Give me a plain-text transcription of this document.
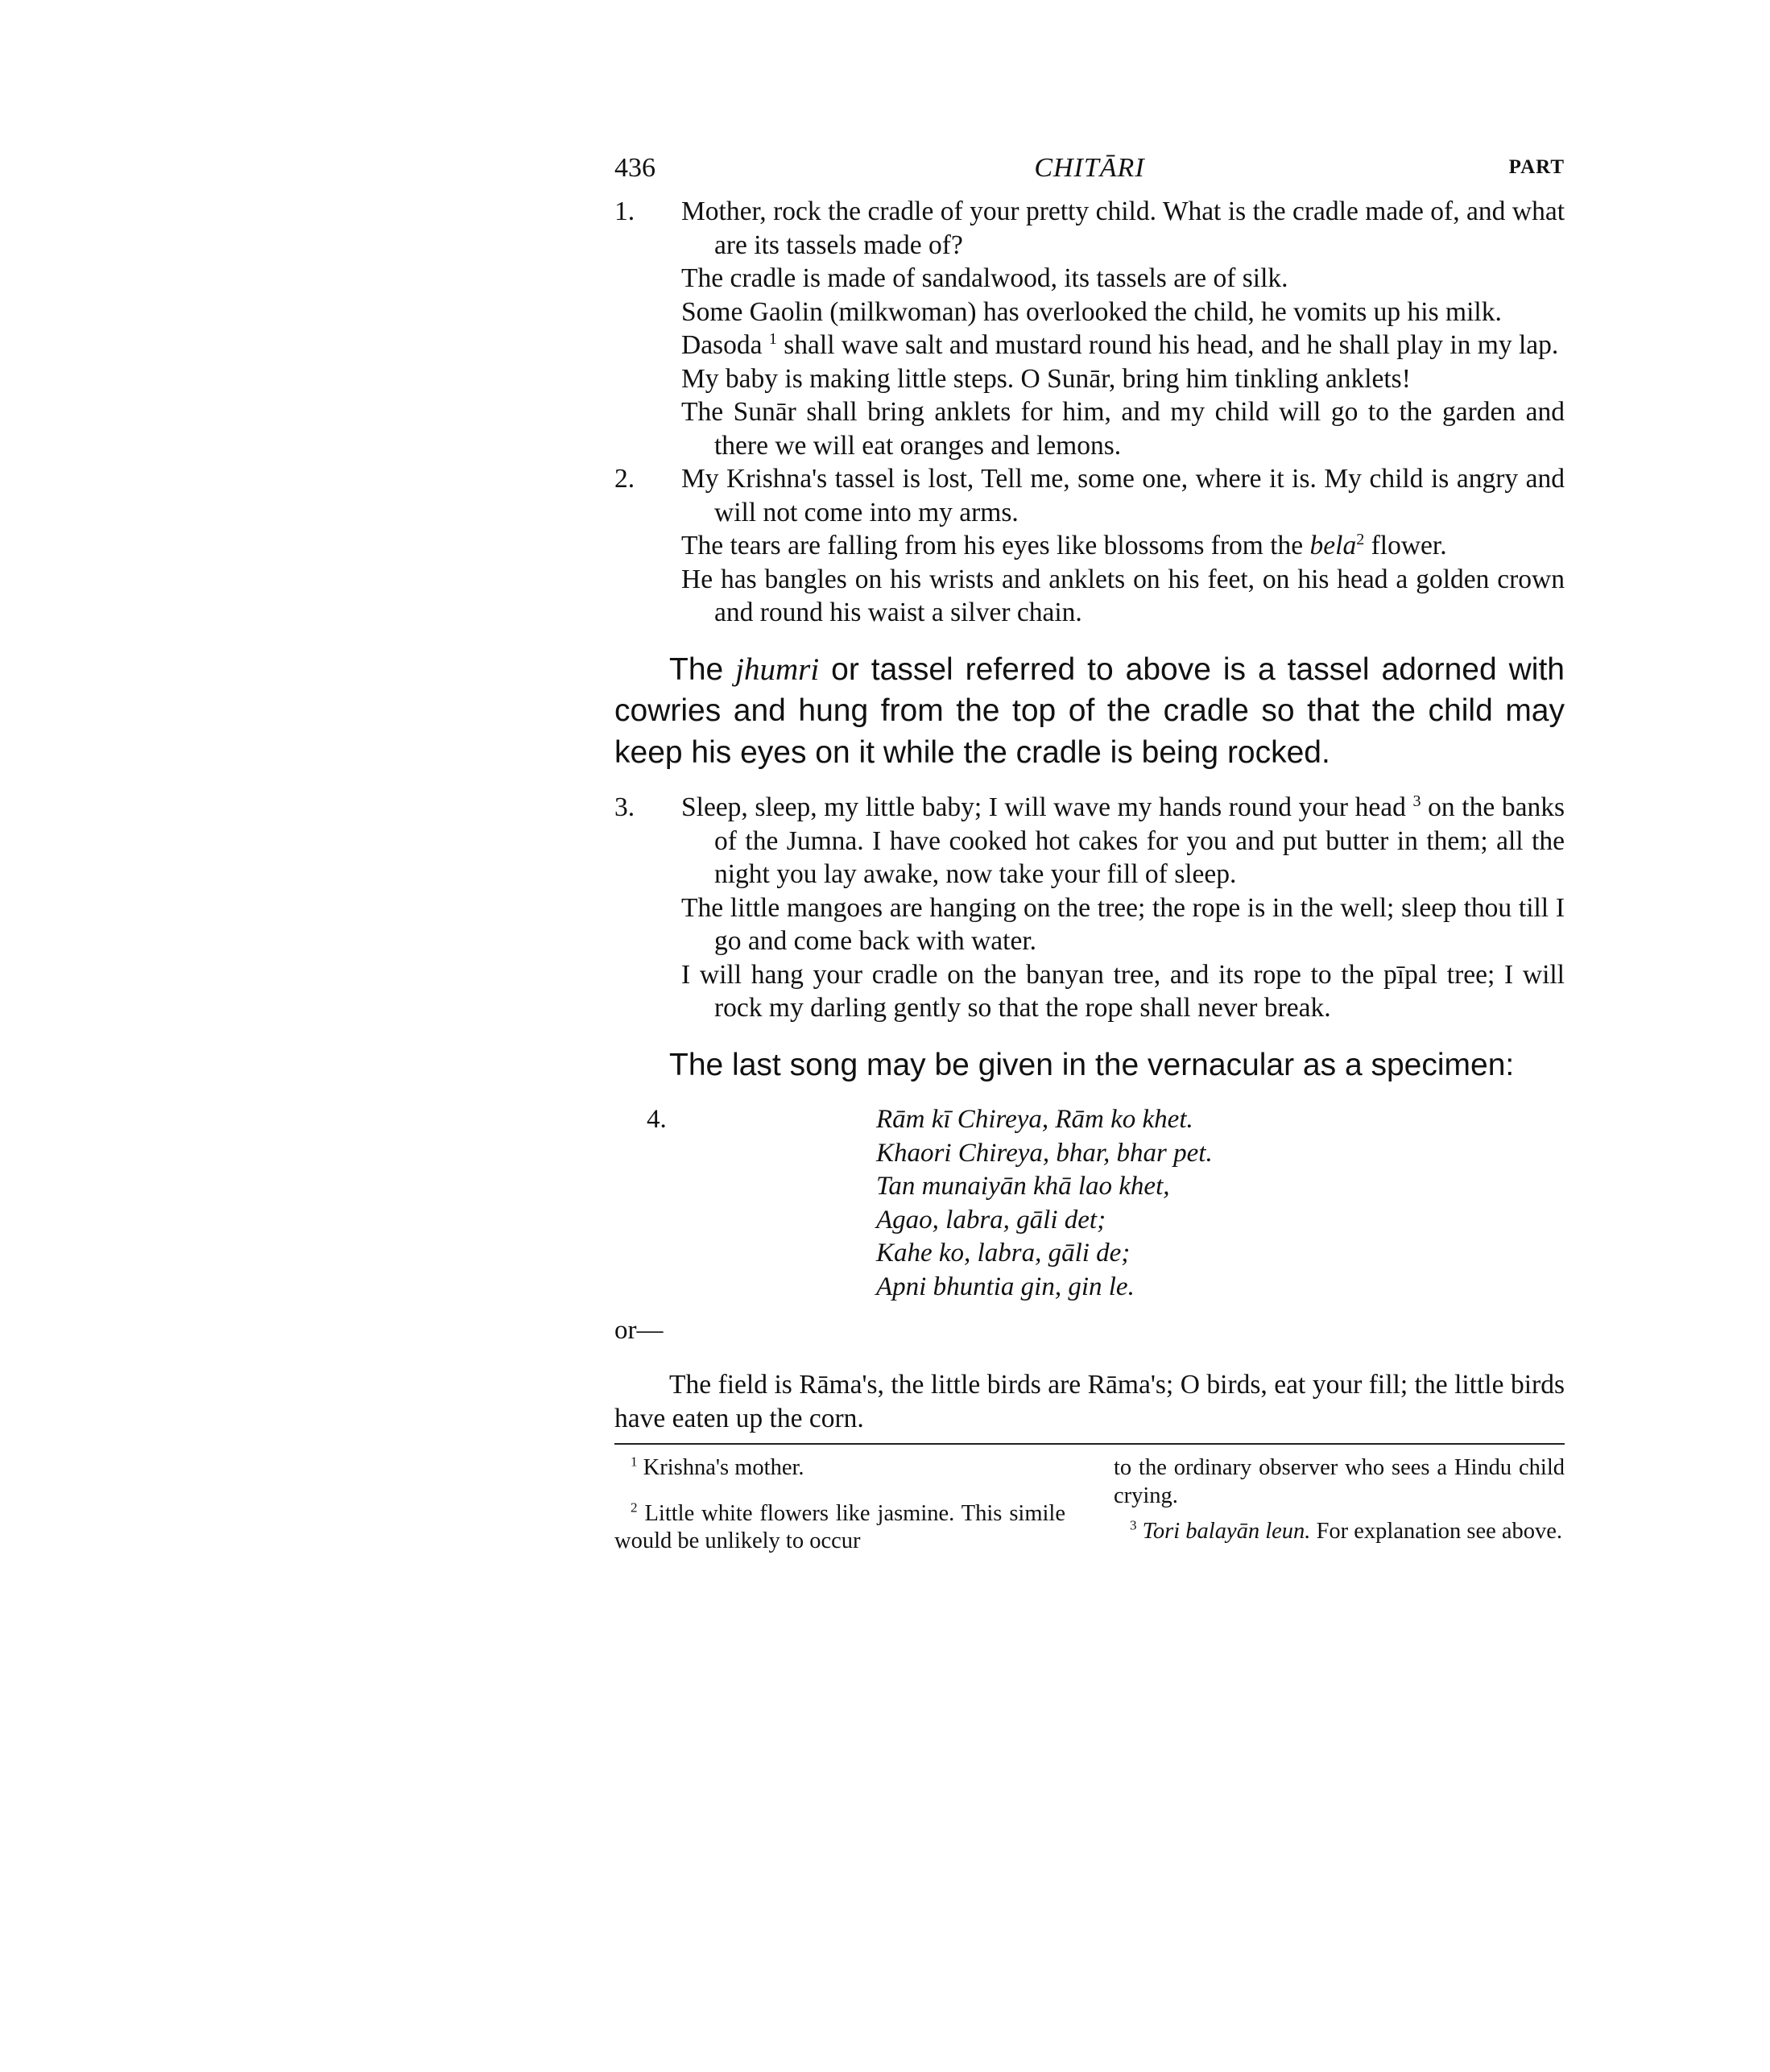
436	CHITĀRI	PART
1.	Mother, rock the cradle of your pretty child. What is the cradle made of, and what are its tassels made of?
The cradle is made of sandalwood, its tassels are of silk.
Some Gaolin (milkwoman) has overlooked the child, he vomits up his milk.
Dasoda $^1$ shall wave salt and mustard round his head, and he shall play in my lap.
My baby is making little steps. O Sunār, bring him tinkling anklets!
The Sunār shall bring anklets for him, and my child will go to the garden and there we will eat oranges and lemons.
2.	My Krishna's tassel is lost, Tell me, some one, where it is. My child is angry and will not come into my arms.
The tears are falling from his eyes like blossoms from the bela$^2$ flower.
He has bangles on his wrists and anklets on his feet, on his head a golden crown and round his waist a silver chain.
The jhumri or tassel referred to above is a tassel adorned with cowries and hung from the top of the cradle so that the child may keep his eyes on it while the cradle is being rocked.
3.	Sleep, sleep, my little baby; I will wave my hands round your head $^3$ on the banks of the Jumna. I have cooked hot cakes for you and put butter in them; all the night you lay awake, now take your fill of sleep.
The little mangoes are hanging on the tree; the rope is in the well; sleep thou till I go and come back with water.
I will hang your cradle on the banyan tree, and its rope to the pīpal tree; I will rock my darling gently so that the rope shall never break.
The last song may be given in the vernacular as a specimen:
4.	Rām kī Chireya, Rām ko khet.
Khaori Chireya, bhar, bhar pet.
Tan munaiyān khā lao khet,
Agao, labra, gāli det;
Kahe ko, labra, gāli de;
Apni bhuntia gin, gin le.
or—
The field is Rāma's, the little birds are Rāma's; O birds, eat your fill; the little birds have eaten up the corn.
$^1$ Krishna's mother.
$^2$ Little white flowers like jasmine. This simile would be unlikely to occur
to the ordinary observer who sees a Hindu child crying.
$^3$ Tori balayān leun. For explanation see above.
